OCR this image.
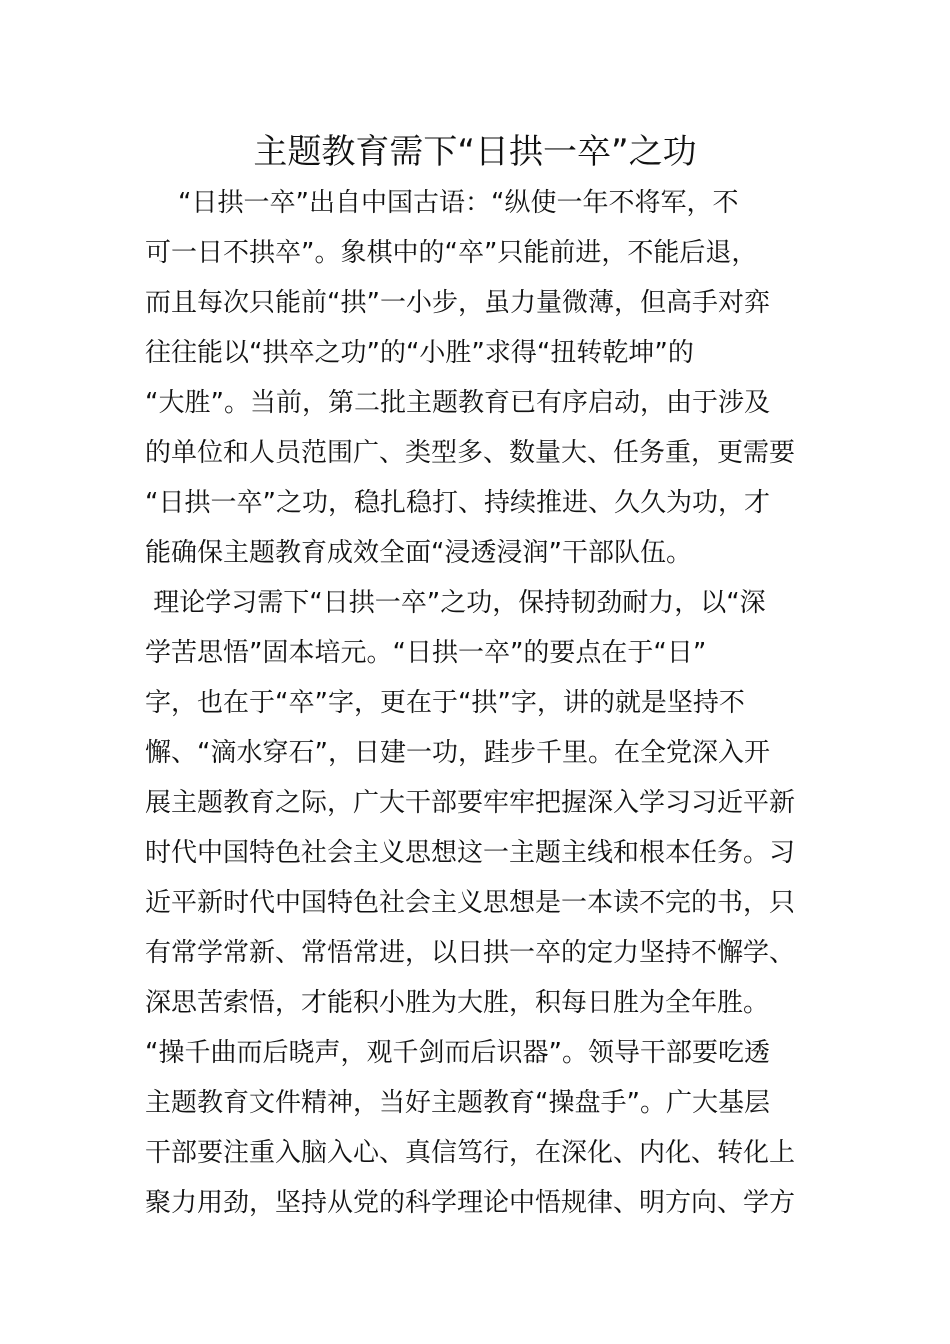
主题教育需下“日拱一卒”之功
“日拱一卒”出自中国古语：“纵使一年不将军，不
可一日不拱卒”。象棋中的“卒”只能前进，不能后退，
而且每次只能前“拱”一小步，虽力量微薄，但高手对弈
往往能以“拱卒之功”的“小胜”求得“扭转乾坤”的
“大胜”。当前，第二批主题教育已有序启动，由于涉及
的单位和人员范围广、类型多、数量大、任务重，更需要
“日拱一卒”之功，稳扎稳打、持续推进、久久为功，才
能确保主题教育成效全面“浸透浸润”干部队伍。
理论学习需下“日拱一卒”之功，保持韧劲耐力，以“深
学苦思悟”固本培元。“日拱一卒”的要点在于“日”
字，也在于“卒”字，更在于“拱”字，讲的就是坚持不
懈、“滴水穿石”，日建一功，跬步千里。在全党深入开
展主题教育之际，广大干部要牢牢把握深入学习习近平新
时代中国特色社会主义思想这一主题主线和根本任务。习
近平新时代中国特色社会主义思想是一本读不完的书，只
有常学常新、常悟常进，以日拱一卒的定力坚持不懈学、
深思苦索悟，才能积小胜为大胜，积每日胜为全年胜。
“操千曲而后晓声，观千剑而后识器”。领导干部要吃透
主题教育文件精神，当好主题教育“操盘手”。广大基层
干部要注重入脑入心、真信笃行，在深化、内化、转化上
聚力用劲，坚持从党的科学理论中悟规律、明方向、学方
